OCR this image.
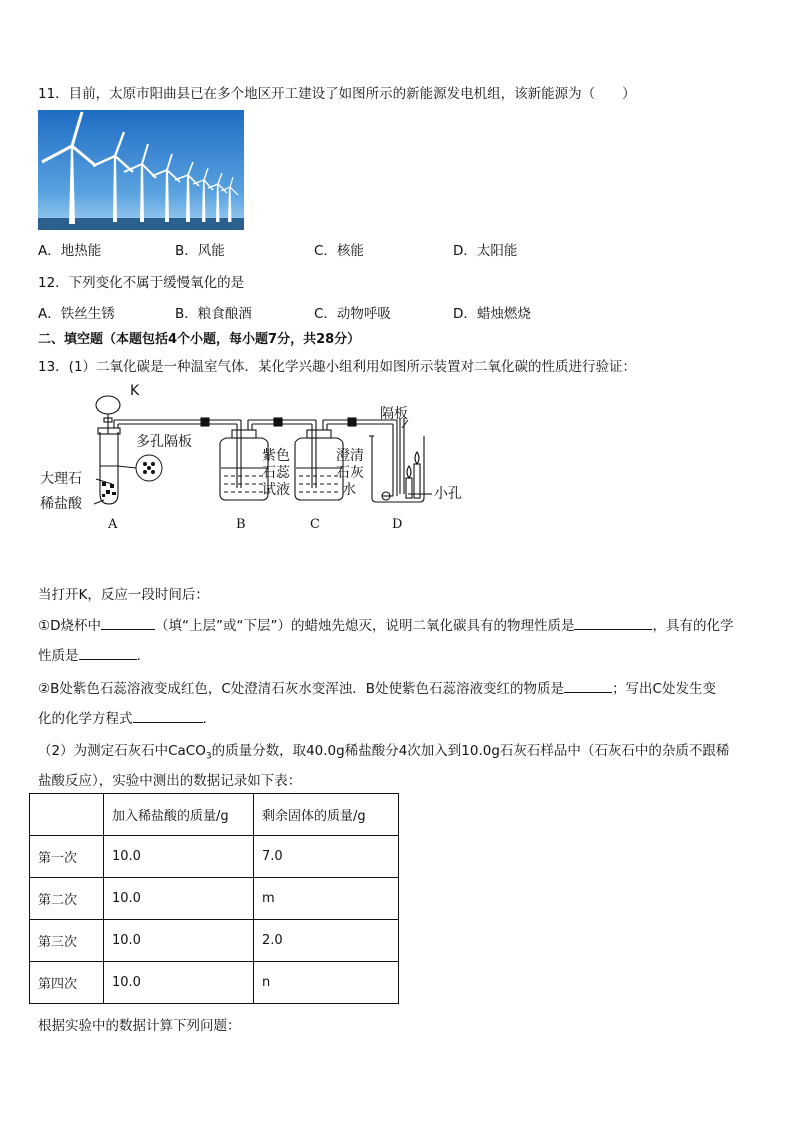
11．目前，太原市阳曲县已在多个地区开工建设了如图所示的新能源发电机组，该新能源为（　　）
A．地热能	B．风能	C．核能	D．太阳能
12．下列变化不属于缓慢氧化的是
A．铁丝生锈	B．粮食酿酒	C．动物呼吸	D．蜡烛燃烧
二、填空题（本题包括4个小题，每小题7分，共28分）
13．(1）二氧化碳是一种温室气体．某化学兴趣小组利用如图所示装置对二氧化碳的性质进行验证：
K
多孔隔板
大理石
稀盐酸
紫色
石蕊
试液
澄清
石灰
水
隔板
小孔
A	B	C	D
当打开K，反应一段时间后：
①D烧杯中	（填“上层”或“下层”）的蜡烛先熄灭，说明二氧化碳具有的物理性质是	，具有的化学
性质是	.
②B处紫色石蕊溶液变成红色，C处澄清石灰水变浑浊．B处使紫色石蕊溶液变红的物质是	；写出C处发生变
化的化学方程式	.
（2）为测定石灰石中CaCO$_3$的质量分数，取40.0g稀盐酸分4次加入到10.0g石灰石样品中（石灰石中的杂质不跟稀
盐酸反应），实验中测出的数据记录如下表：
	加入稀盐酸的质量/g	剩余固体的质量/g
第一次	10.0	7.0
第二次	10.0	m
第三次	10.0	2.0
第四次	10.0	n
根据实验中的数据计算下列问题：
